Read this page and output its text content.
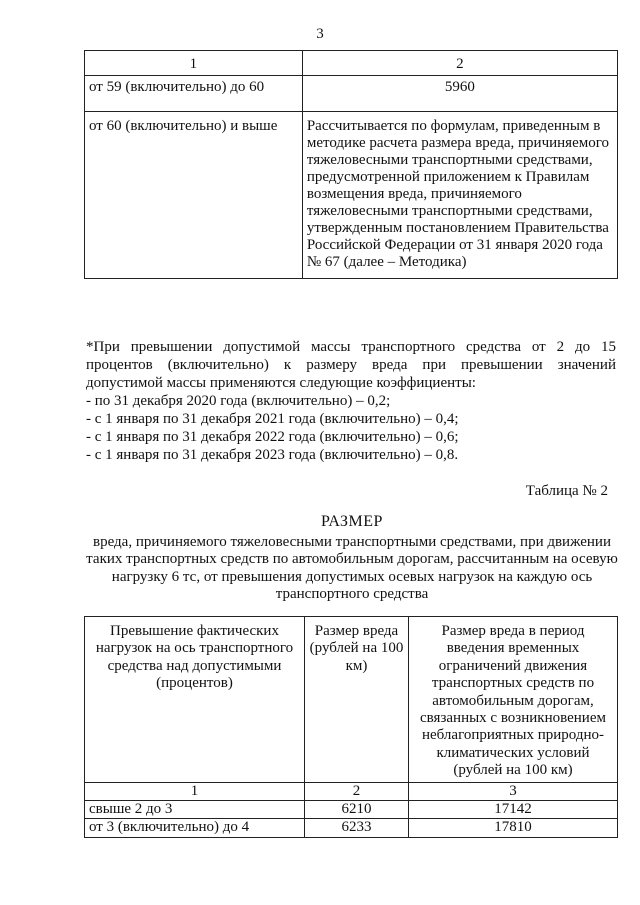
3
1	2
от 59 (включительно) до 60	5960
от 60 (включительно) и выше	Рассчитывается по формулам, приведенным в методике расчета размера вреда, причиняемого тяжеловесными транспортными средствами, предусмотренной приложением к Правилам возмещения вреда, причиняемого тяжеловесными транспортными средствами, утвержденным постановлением Правительства Российской Федерации от 31 января 2020 года № 67 (далее – Методика)

*При превышении допустимой массы транспортного средства от 2 до 15 процентов (включительно) к размеру вреда при превышении значений допустимой массы применяются следующие коэффициенты:

- по 31 декабря 2020 года (включительно) – 0,2;

- с 1 января по 31 декабря 2021 года (включительно) – 0,4;

- с 1 января по 31 декабря 2022 года (включительно) – 0,6;

- с 1 января по 31 декабря 2023 года (включительно) – 0,8.

Таблица № 2
РАЗМЕР
вреда, причиняемого тяжеловесными транспортными средствами, при движении таких транспортных средств по автомобильным дорогам, рассчитанным на осевую нагрузку 6 тс, от превышения допустимых осевых нагрузок на каждую ось транспортного средства
Превышение фактических нагрузок на ось транспортного средства над допустимыми (процентов)	Размер вреда (рублей на 100 км)	Размер вреда в период введения временных ограничений движения транспортных средств по автомобильным дорогам, связанных с возникновением неблагоприятных природно-климатических условий (рублей на 100 км)
1	2	3
свыше 2 до 3	6210	17142
от 3 (включительно) до 4	6233	17810
